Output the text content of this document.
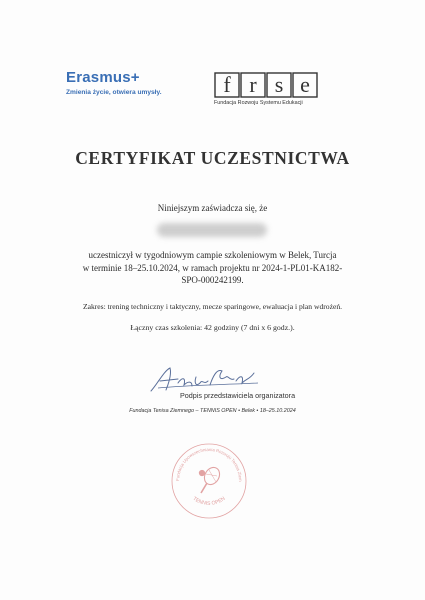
Erasmus+
Zmienia życie, otwiera umysły.	f r s e
Fundacja Rozwoju Systemu Edukacji
CERTYFIKAT UCZESTNICTWA
Niniejszym zaświadcza się, że
uczestniczył w tygodniowym campie szkoleniowym w Belek, Turcja
w terminie 18–25.10.2024, w ramach projektu nr 2024-1-PL01-KA182-
SPO-000242199.
Zakres: trening techniczny i taktyczny, mecze sparingowe, ewaluacja i plan wdrożeń.
Łączny czas szkolenia: 42 godziny (7 dni x 6 godz.).
Podpis przedstawiciela organizatora
Fundacja Tenisa Ziemnego – TENNIS OPEN • Belek • 18–25.10.2024
Fundacja Upowszechniania Rozwoju Tenisa Ziem
TENNIS OPEN
